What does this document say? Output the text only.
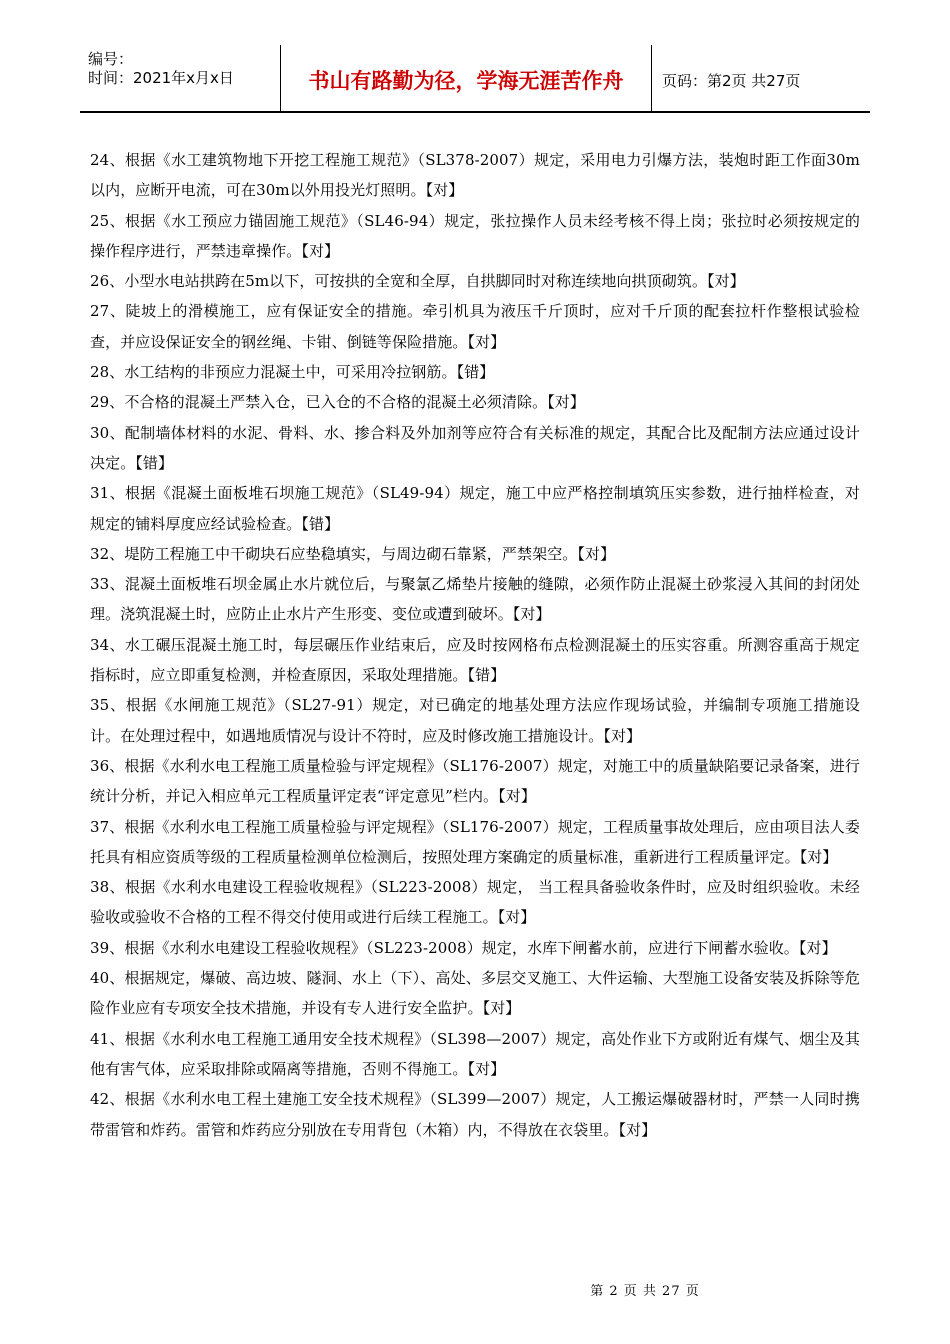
编号：
时间：2021年x月x日	书山有路勤为径，学海无涯苦作舟	页码：第2页 共27页

24、根据《水工建筑物地下开挖工程施工规范》（SL378-2007）规定，采用电力引爆方法，装炮时距工作面30m以内，应断开电流，可在30m以外用投光灯照明。【对】

25、根据《水工预应力锚固施工规范》（SL46-94）规定，张拉操作人员未经考核不得上岗；张拉时必须按规定的操作程序进行，严禁违章操作。【对】

26、小型水电站拱跨在5m以下，可按拱的全宽和全厚，自拱脚同时对称连续地向拱顶砌筑。【对】

27、陡坡上的滑模施工，应有保证安全的措施。牵引机具为液压千斤顶时，应对千斤顶的配套拉杆作整根试验检查，并应设保证安全的钢丝绳、卡钳、倒链等保险措施。【对】

28、水工结构的非预应力混凝土中，可采用冷拉钢筋。【错】

29、不合格的混凝土严禁入仓，已入仓的不合格的混凝土必须清除。【对】

30、配制墙体材料的水泥、骨料、水、掺合料及外加剂等应符合有关标准的规定，其配合比及配制方法应通过设计决定。【错】

31、根据《混凝土面板堆石坝施工规范》（SL49-94）规定，施工中应严格控制填筑压实参数，进行抽样检查，对规定的铺料厚度应经试验检查。【错】

32、堤防工程施工中干砌块石应垫稳填实，与周边砌石靠紧，严禁架空。【对】

33、混凝土面板堆石坝金属止水片就位后，与聚氯乙烯垫片接触的缝隙，必须作防止混凝土砂浆浸入其间的封闭处理。浇筑混凝土时，应防止止水片产生形变、变位或遭到破坏。【对】

34、水工碾压混凝土施工时，每层碾压作业结束后，应及时按网格布点检测混凝土的压实容重。所测容重高于规定指标时，应立即重复检测，并检查原因，采取处理措施。【错】

35、根据《水闸施工规范》（SL27-91）规定，对已确定的地基处理方法应作现场试验，并编制专项施工措施设计。在处理过程中，如遇地质情况与设计不符时，应及时修改施工措施设计。【对】

36、根据《水利水电工程施工质量检验与评定规程》（SL176-2007）规定，对施工中的质量缺陷要记录备案，进行统计分析，并记入相应单元工程质量评定表“评定意见”栏内。【对】

37、根据《水利水电工程施工质量检验与评定规程》（SL176-2007）规定，工程质量事故处理后，应由项目法人委托具有相应资质等级的工程质量检测单位检测后，按照处理方案确定的质量标准，重新进行工程质量评定。【对】

38、根据《水利水电建设工程验收规程》（SL223-2008）规定， 当工程具备验收条件时，应及时组织验收。未经验收或验收不合格的工程不得交付使用或进行后续工程施工。【对】

39、根据《水利水电建设工程验收规程》（SL223-2008）规定，水库下闸蓄水前，应进行下闸蓄水验收。【对】

40、根据规定，爆破、高边坡、隧洞、水上（下）、高处、多层交叉施工、大件运输、大型施工设备安装及拆除等危险作业应有专项安全技术措施，并设有专人进行安全监护。【对】

41、根据《水利水电工程施工通用安全技术规程》（SL398—2007）规定，高处作业下方或附近有煤气、烟尘及其他有害气体，应采取排除或隔离等措施，否则不得施工。【对】

42、根据《水利水电工程土建施工安全技术规程》（SL399—2007）规定，人工搬运爆破器材时，严禁一人同时携带雷管和炸药。雷管和炸药应分别放在专用背包（木箱）内，不得放在衣袋里。【对】

第 2 页 共 27 页
